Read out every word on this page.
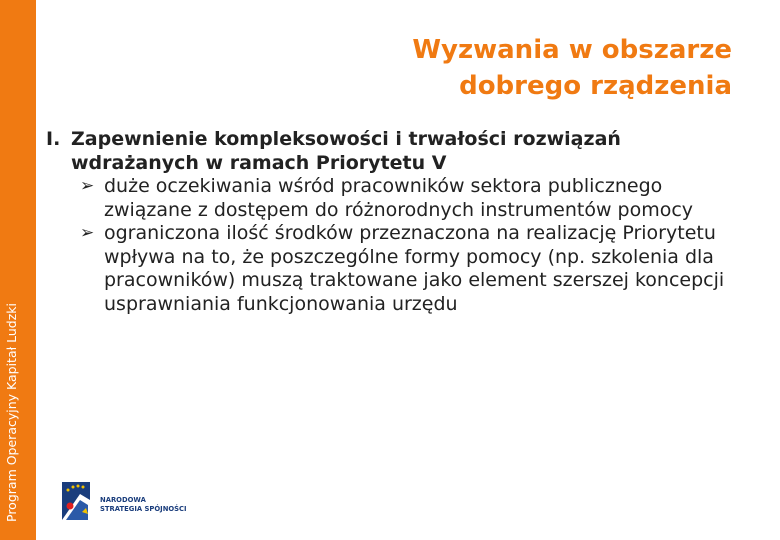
Program Operacyjny Kapitał Ludzki
Wyzwania w obszarze
dobrego rządzenia
I. Zapewnienie kompleksowości i trwałości rozwiązań wdrażanych w ramach Priorytetu V
➢ duże oczekiwania wśród pracowników sektora publicznego związane z dostępem do różnorodnych instrumentów pomocy
➢ ograniczona ilość środków przeznaczona na realizację Priorytetu wpływa na to, że poszczególne formy pomocy (np. szkolenia dla pracowników) muszą traktowane jako element szerszej koncepcji usprawniania funkcjonowania urzędu
NARODOWA
STRATEGIA SPÓJNOŚCI
